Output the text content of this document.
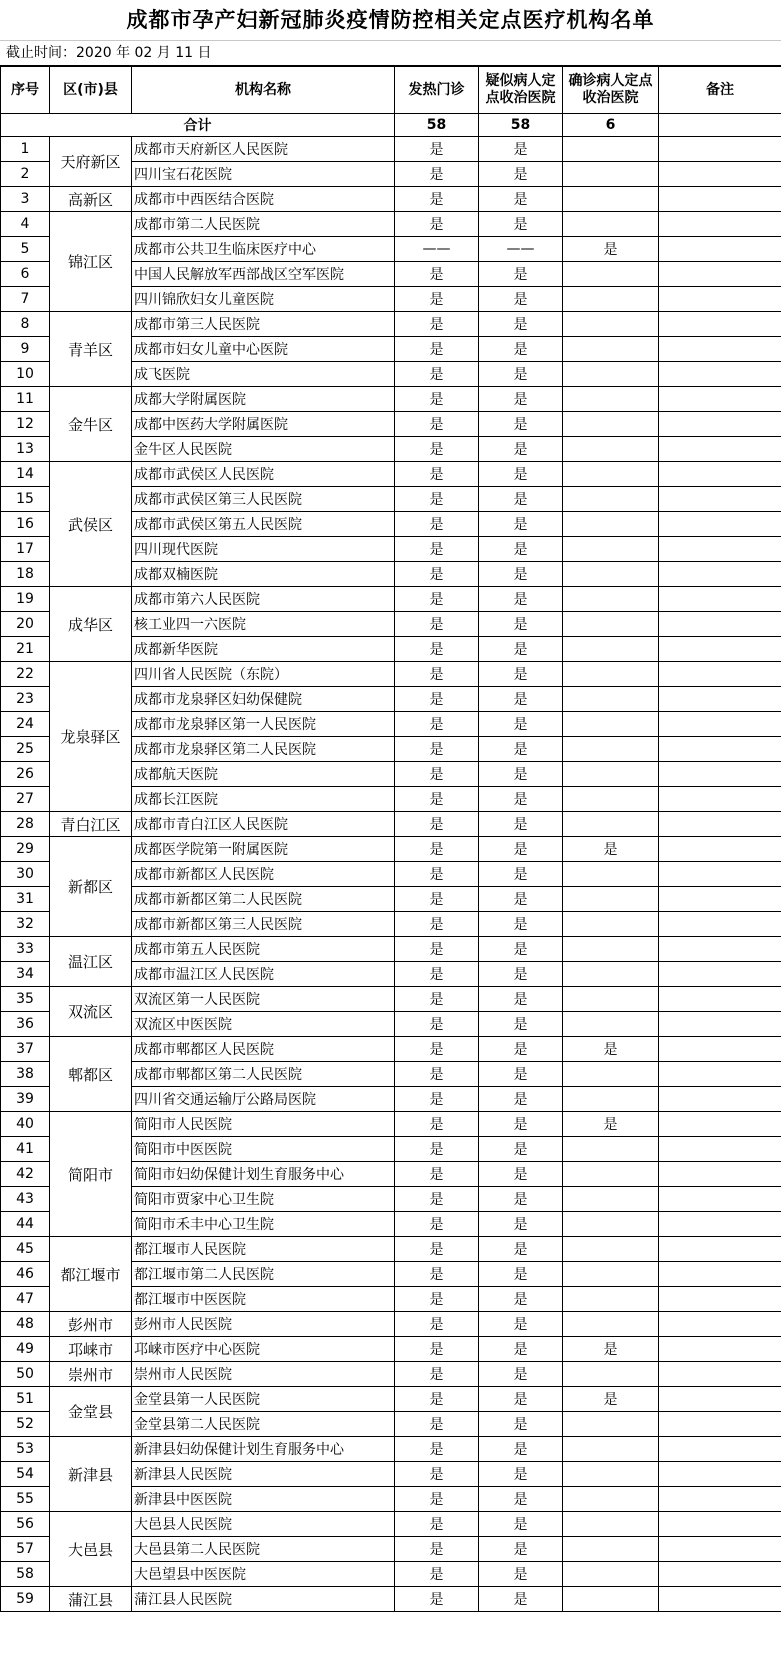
成都市孕产妇新冠肺炎疫情防控相关定点医疗机构名单
截止时间：2020 年 02 月 11 日
序号	区(市)县	机构名称	发热门诊	疑似病人定点收治医院	确诊病人定点收治医院	备注
合计			58	58	6	
1	天府新区	成都市天府新区人民医院	是	是		
2		四川宝石花医院	是	是		
3	高新区	成都市中西医结合医院	是	是		
4	锦江区	成都市第二人民医院	是	是		
5		成都市公共卫生临床医疗中心	——	——	是	
6		中国人民解放军西部战区空军医院	是	是		
7		四川锦欣妇女儿童医院	是	是		
8	青羊区	成都市第三人民医院	是	是		
9		成都市妇女儿童中心医院	是	是		
10		成飞医院	是	是		
11	金牛区	成都大学附属医院	是	是		
12		成都中医药大学附属医院	是	是		
13		金牛区人民医院	是	是		
14	武侯区	成都市武侯区人民医院	是	是		
15		成都市武侯区第三人民医院	是	是		
16		成都市武侯区第五人民医院	是	是		
17		四川现代医院	是	是		
18		成都双楠医院	是	是		
19	成华区	成都市第六人民医院	是	是		
20		核工业四一六医院	是	是		
21		成都新华医院	是	是		
22	龙泉驿区	四川省人民医院（东院）	是	是		
23		成都市龙泉驿区妇幼保健院	是	是		
24		成都市龙泉驿区第一人民医院	是	是		
25		成都市龙泉驿区第二人民医院	是	是		
26		成都航天医院	是	是		
27		成都长江医院	是	是		
28	青白江区	成都市青白江区人民医院	是	是		
29	新都区	成都医学院第一附属医院	是	是	是	
30		成都市新都区人民医院	是	是		
31		成都市新都区第二人民医院	是	是		
32		成都市新都区第三人民医院	是	是		
33	温江区	成都市第五人民医院	是	是		
34		成都市温江区人民医院	是	是		
35	双流区	双流区第一人民医院	是	是		
36		双流区中医医院	是	是		
37	郫都区	成都市郫都区人民医院	是	是	是	
38		成都市郫都区第二人民医院	是	是		
39		四川省交通运输厅公路局医院	是	是		
40	简阳市	简阳市人民医院	是	是	是	
41		简阳市中医医院	是	是		
42		简阳市妇幼保健计划生育服务中心	是	是		
43		简阳市贾家中心卫生院	是	是		
44		简阳市禾丰中心卫生院	是	是		
45	都江堰市	都江堰市人民医院	是	是		
46		都江堰市第二人民医院	是	是		
47		都江堰市中医医院	是	是		
48	彭州市	彭州市人民医院	是	是		
49	邛崃市	邛崃市医疗中心医院	是	是	是	
50	崇州市	崇州市人民医院	是	是		
51	金堂县	金堂县第一人民医院	是	是	是	
52		金堂县第二人民医院	是	是		
53	新津县	新津县妇幼保健计划生育服务中心	是	是		
54		新津县人民医院	是	是		
55		新津县中医医院	是	是		
56	大邑县	大邑县人民医院	是	是		
57		大邑县第二人民医院	是	是		
58		大邑望县中医医院	是	是		
59	蒲江县	蒲江县人民医院	是	是		
